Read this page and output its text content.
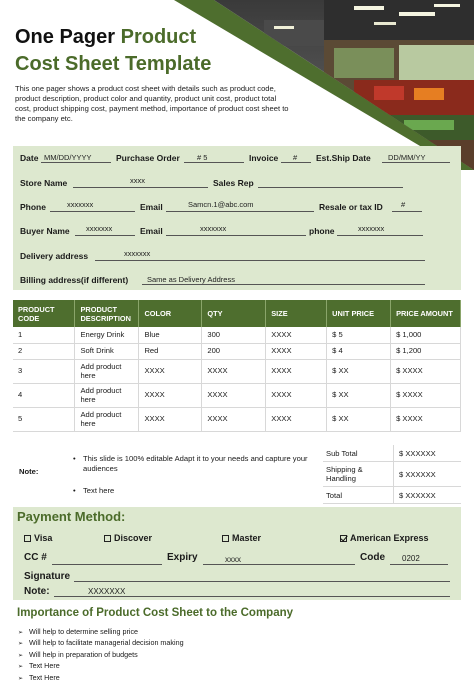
One Pager Product
Cost Sheet Template
This one pager shows a product cost sheet with details such as product code, product description, product color and quantity, product unit cost, product total cost, product shipping cost, payment method, importance of product cost sheet to the company etc.
Date MM/DD/YYYY	Purchase Order # 5	Invoice # Est.Ship Date DD/MM/YY
Store Name	xxxx	Sales Rep
Phone	xxxxxxx	Email	Samcn.1@abc.com	Resale or tax ID #
Buyer Name xxxxxxx	Email	xxxxxxx	phone	xxxxxxx
Delivery address	xxxxxxx
Billing address(if different)	Same as Delivery Address
PRODUCT CODE	PRODUCT DESCRIPTION	COLOR	QTY	SIZE	UNIT PRICE	PRICE AMOUNT
1	Energy Drink	Blue	300	XXXX	$ 5	$ 1,000
2	Soft Drink	Red	200	XXXX	$ 4	$ 1,200
3	Add product here	XXXX	XXXX	XXXX	$ XX	$ XXXX
4	Add product here	XXXX	XXXX	XXXX	$ XX	$ XXXX
5	Add product here	XXXX	XXXX	XXXX	$ XX	$ XXXX
Note:
• This slide is 100% editable Adapt it to your needs and capture your audiences
• Text here
Sub Total	$ XXXXXX
Shipping & Handling	$ XXXXXX
Total	$ XXXXXX
Payment Method:
Visa	Discover	Master	American Express
CC #	Expiry	xxxx	Code 0202
Signature
Note:	XXXXXXX
Importance of Product Cost Sheet to the Company
➢ Will help to determine selling price
➢ Will help to facilitate managerial decision making
➢ Will help in preparation of budgets
➢ Text Here
➢ Text Here
